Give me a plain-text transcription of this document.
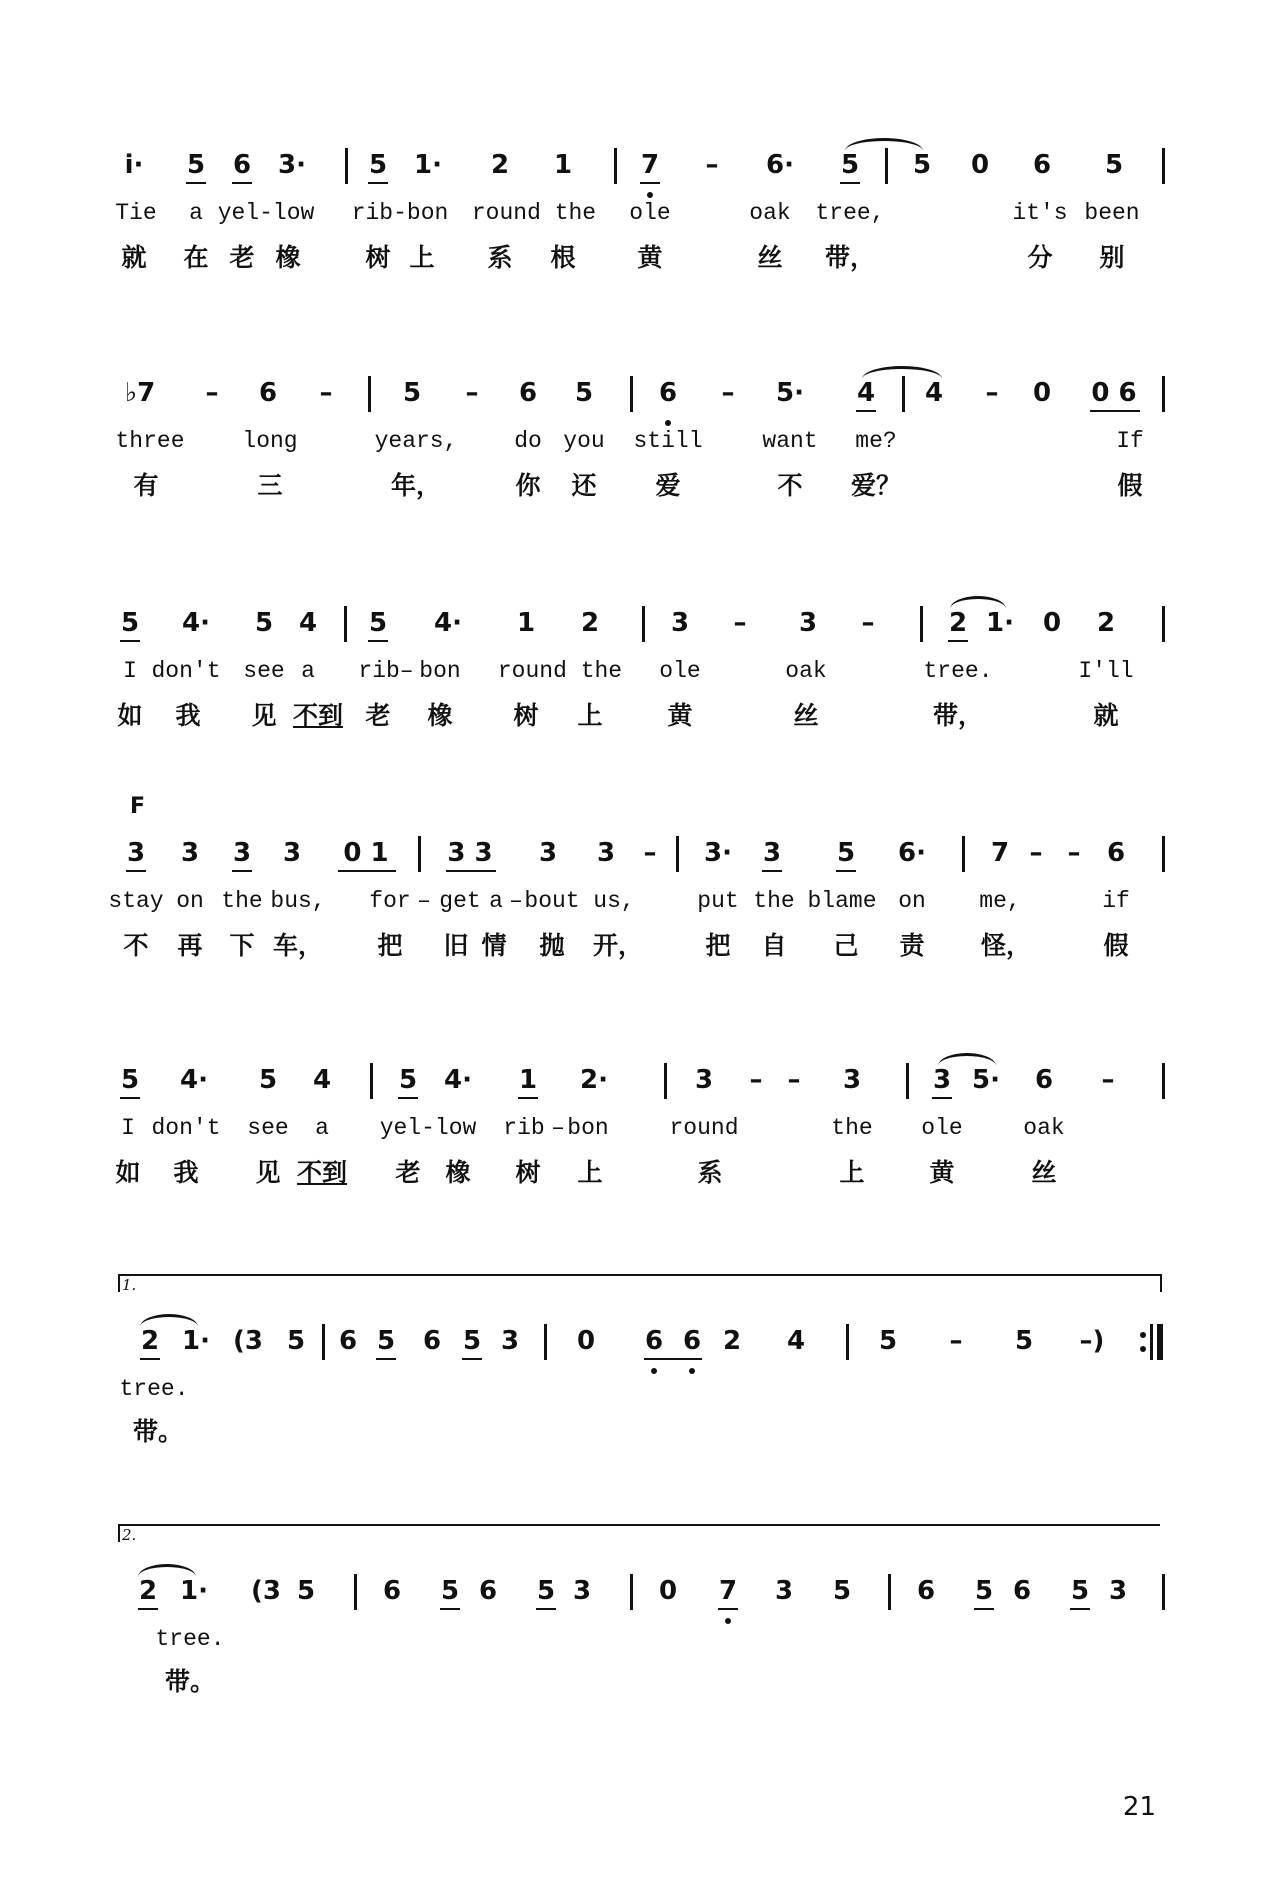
i· 5 6 3· 5 1· 2 1	7 – 6· 5 5 0 6 5
Tie a yel-low rib-bon round the ole	oak tree,	it's been
就 在 老 橡	树 上 系 根 黄	丝 带，	分 别
♭7 – 6 –	5 – 6 5	6 – 5· 4 4 – 0 0 6
three	long	years, do you still	want me?	If
有	三	年，	你 还 爱	不 爱？	假
5 4· 5 4 5 4· 1 2	3 – 3 –	2 1· 0 2
I don't see a rib– bon round the ole	oak	tree.	I'll
如 我 见 不到 老 橡 树 上	黄	丝	带，	就
F
3 3 3 3 0 1 3 3 3 3 – 3· 3 5 6· 7 – – 6
stay on the bus, for – get a – bout us,	put the blame on me,	if
不 再 下 车， 把 旧 情 抛 开， 把 自 己 责 怪，	假
5 4· 5 4	5 4· 1 2·	3 – – 3	3 5· 6 –
I don't see a yel-low rib – bon	round	the ole	oak
如 我 见 不到 老 橡 树 上	系	上	黄	丝
1.
2 1· (3 5 6 5 6 5 3 0 6 6 2 4	5 – 5 –)
tree.
带。
2.
2 1· (3 5	6 5 6 5 3	0 7 3 5	6 5 6 5 3
tree.
带。
21
